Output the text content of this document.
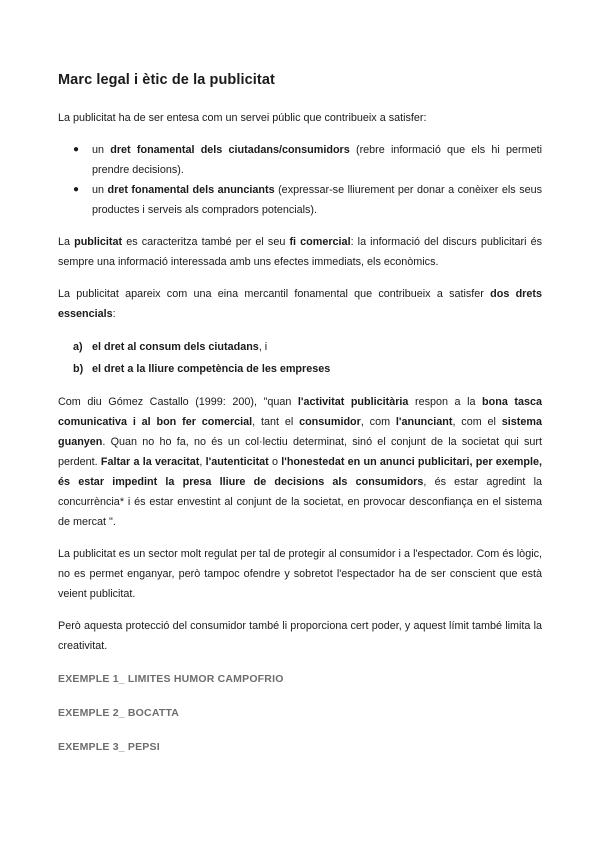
Marc legal i ètic de la publicitat

La publicitat ha de ser entesa com un servei públic que contribueix a satisfer:

● un dret fonamental dels ciutadans/consumidors (rebre informació que els hi permeti prendre decisions).
● un dret fonamental dels anunciants (expressar-se lliurement per donar a conèixer els seus productes i serveis als compradors potencials).

La publicitat es caracteritza també per el seu fi comercial: la informació del discurs publicitari és sempre una informació interessada amb uns efectes immediats, els econòmics.

La publicitat apareix com una eina mercantil fonamental que contribueix a satisfer dos drets essencials:

a) el dret al consum dels ciutadans, i
b) el dret a la lliure competència de les empreses

Com diu Gómez Castallo (1999: 200), "quan l'activitat publicitària respon a la bona tasca comunicativa i al bon fer comercial, tant el consumidor, com l'anunciant, com el sistema guanyen. Quan no ho fa, no és un col·lectiu determinat, sinó el conjunt de la societat qui surt perdent. Faltar a la veracitat, l'autenticitat o l'honestedat en un anunci publicitari, per exemple, és estar impedint la presa lliure de decisions als consumidors, és estar agredint la concurrència* i és estar envestint al conjunt de la societat, en provocar desconfiança en el sistema de mercat ".

La publicitat es un sector molt regulat per tal de protegir al consumidor i a l'espectador. Com és lògic, no es permet enganyar, però tampoc ofendre y sobretot l'espectador ha de ser conscient que està veient publicitat.

Però aquesta protecció del consumidor també li proporciona cert poder, y aquest límit també limita la creativitat.

EXEMPLE 1_ LIMITES HUMOR CAMPOFRIO
EXEMPLE 2_ BOCATTA
EXEMPLE 3_ PEPSI
